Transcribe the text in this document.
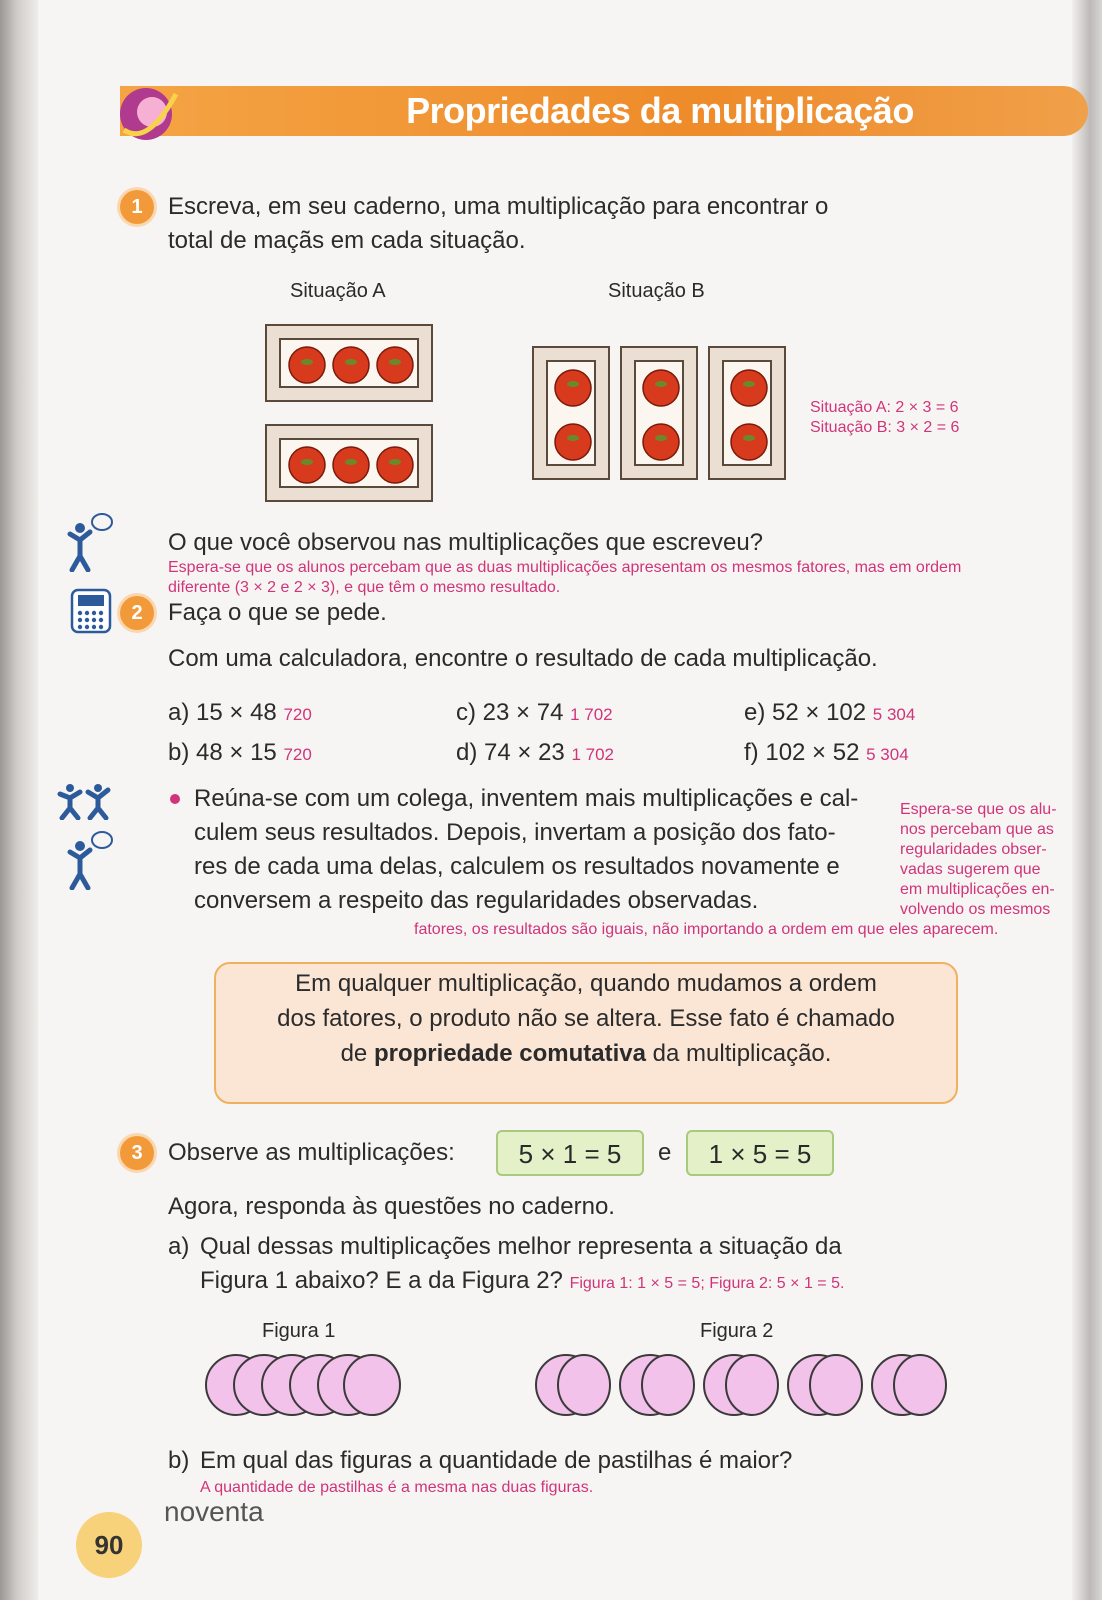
Propriedades da multiplicação
1	Escreva, em seu caderno, uma multiplicação para encontrar o
total de maçãs em cada situação.
Situação A	Situação B
Situação A: 2 × 3 = 6
Situação B: 3 × 2 = 6
O que você observou nas multiplicações que escreveu?
Espera-se que os alunos percebam que as duas multiplicações apresentam os mesmos fatores, mas em ordem
diferente (3 × 2 e 2 × 3), e que têm o mesmo resultado.
2	Faça o que se pede.
Com uma calculadora, encontre o resultado de cada multiplicação.
a) 15 × 48 720
b) 48 × 15 720
c) 23 × 74 1 702
d) 74 × 23 1 702
e) 52 × 102 5 304
f) 102 × 52 5 304
Reúna-se com um colega, inventem mais multiplicações e cal-
culem seus resultados. Depois, invertam a posição dos fato-
res de cada uma delas, calculem os resultados novamente e
conversem a respeito das regularidades observadas.
Espera-se que os alu-
nos percebam que as
regularidades obser-
vadas sugerem que
em multiplicações en-
volvendo os mesmos
fatores, os resultados são iguais, não importando a ordem em que eles aparecem.
Em qualquer multiplicação, quando mudamos a ordem
dos fatores, o produto não se altera. Esse fato é chamado
de propriedade comutativa da multiplicação.
3	Observe as multiplicações:	5 × 1 = 5	e	1 × 5 = 5
Agora, responda às questões no caderno.
a) Qual dessas multiplicações melhor representa a situação da
Figura 1 abaixo? E a da Figura 2? Figura 1: 1 × 5 = 5; Figura 2: 5 × 1 = 5.
Figura 1	Figura 2
b) Em qual das figuras a quantidade de pastilhas é maior?
A quantidade de pastilhas é a mesma nas duas figuras.
90
noventa
